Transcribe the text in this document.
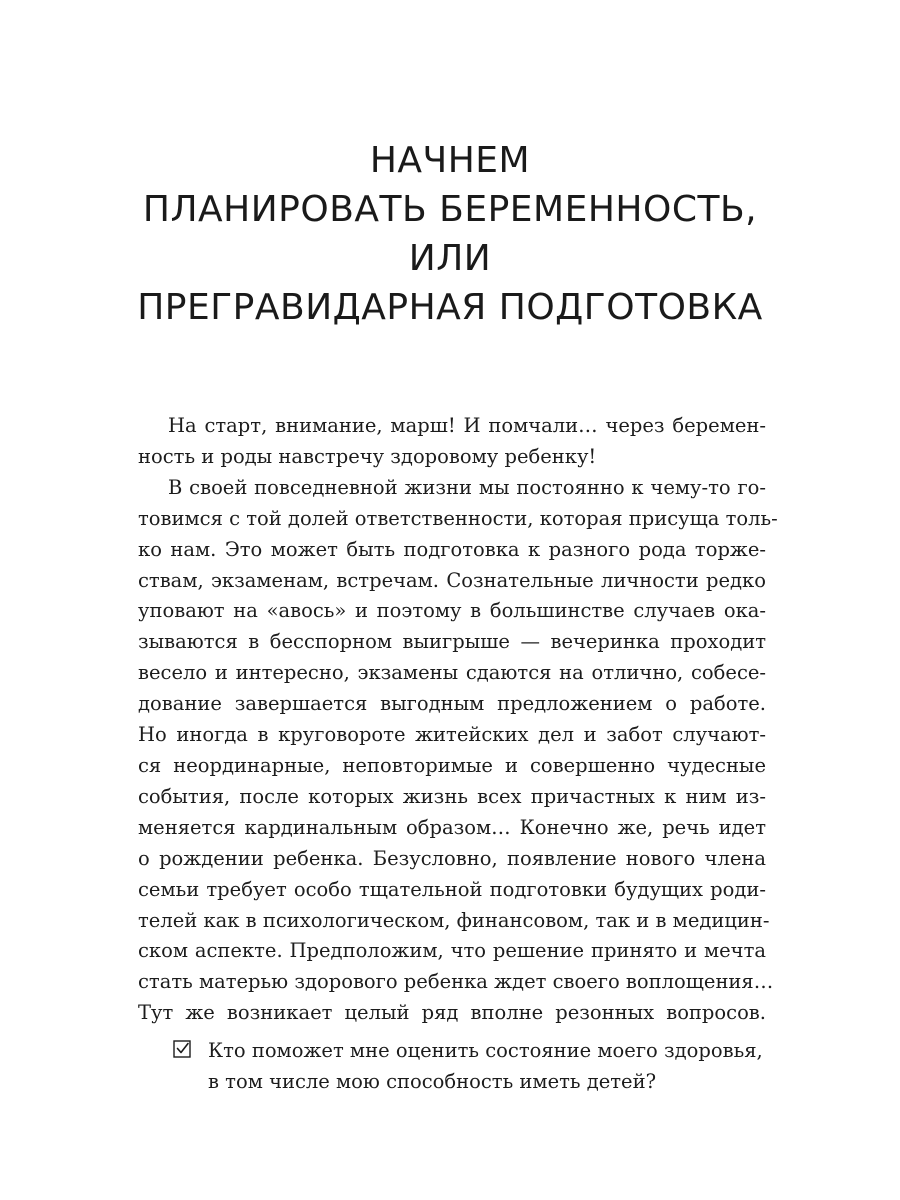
НАЧНЕМ
ПЛАНИРОВАТЬ БЕРЕМЕННОСТЬ,
ИЛИ
ПРЕГРАВИДАРНАЯ ПОДГОТОВКА

На старт, внимание, марш! И помчали… через беремен-
ность и роды навстречу здоровому ребенку!

В своей повседневной жизни мы постоянно к чему-то го-
товимся с той долей ответственности, которая присуща толь-
ко нам. Это может быть подготовка к разного рода торже-
ствам, экзаменам, встречам. Сознательные личности редко
уповают на «авось» и поэтому в большинстве случаев ока-
зываются в бесспорном выигрыше — вечеринка проходит
весело и интересно, экзамены сдаются на отлично, собесе-
дование завершается выгодным предложением о работе.
Но иногда в круговороте житейских дел и забот случают-
ся неординарные, неповторимые и совершенно чудесные
события, после которых жизнь всех причастных к ним из-
меняется кардинальным образом… Конечно же, речь идет
о рождении ребенка. Безусловно, появление нового члена
семьи требует особо тщательной подготовки будущих роди-
телей как в психологическом, финансовом, так и в медицин-
ском аспекте. Предположим, что решение принято и мечта
стать матерью здорового ребенка ждет своего воплощения…
Тут же возникает целый ряд вполне резонных вопросов.

Кто поможет мне оценить состояние моего здоровья,
в том числе мою способность иметь детей?
